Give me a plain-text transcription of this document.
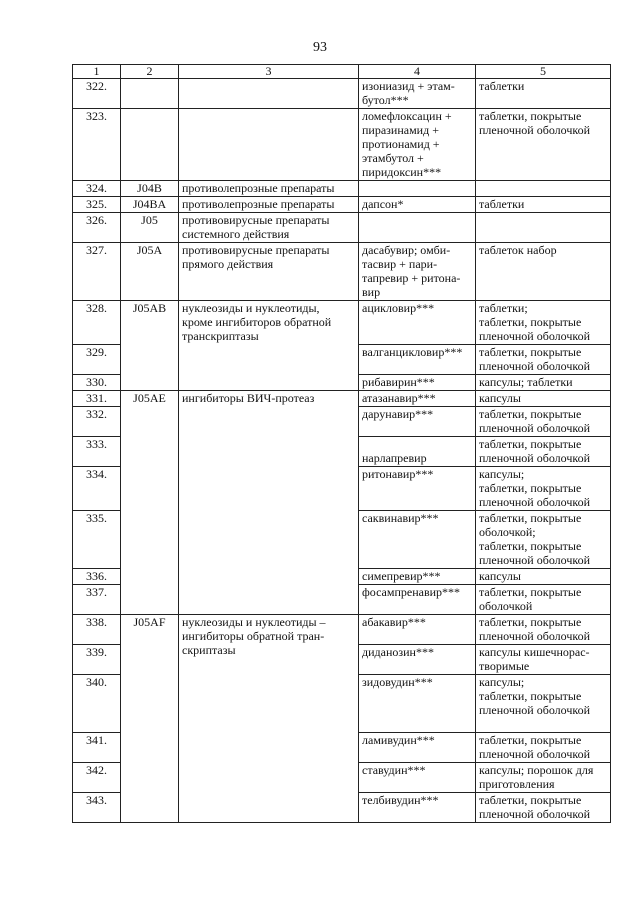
93
1	2	3	4	5
322.			изониазид + этам-
бутол***	таблетки
323.			ломефлоксацин +
пиразинамид +
протионамид +
этамбутол +
пиридоксин***	таблетки, покрытые
пленочной оболочкой
324.	J04B	противолепрозные препараты		
325.	J04BA	противолепрозные препараты	дапсон*	таблетки
326.	J05	противовирусные препараты
системного действия		
327.	J05A	противовирусные препараты
прямого действия	дасабувир; омби-
тасвир + пари-
тапревир + ритона-
вир	таблеток набор
328.	J05AB	нуклеозиды и нуклеотиды,
кроме ингибиторов обратной
транскриптазы	ацикловир***	таблетки;
таблетки, покрытые
пленочной оболочкой
329.			валганцикловир***	таблетки, покрытые
пленочной оболочкой
330.			рибавирин***	капсулы; таблетки
331.	J05AE	ингибиторы ВИЧ-протеаз	атазанавир***	капсулы
332.			дарунавир***	таблетки, покрытые
пленочной оболочкой
333.			нарлапревир	таблетки, покрытые
пленочной оболочкой
334.			ритонавир***	капсулы;
таблетки, покрытые
пленочной оболочкой
335.			саквинавир***	таблетки, покрытые
оболочкой;
таблетки, покрытые
пленочной оболочкой
336.			симепревир***	капсулы
337.			фосампренавир***	таблетки, покрытые
оболочкой
338.	J05AF	нуклеозиды и нуклеотиды –
ингибиторы обратной тран-
скриптазы	абакавир***	таблетки, покрытые
пленочной оболочкой
339.			диданозин***	капсулы кишечнораc-
творимые
340.			зидовудин***	капсулы;
таблетки, покрытые
пленочной оболочкой
341.			ламивудин***	таблетки, покрытые
пленочной оболочкой
342.			ставудин***	капсулы; порошок для
приготовления
343.			телбивудин***	таблетки, покрытые
пленочной оболочкой
